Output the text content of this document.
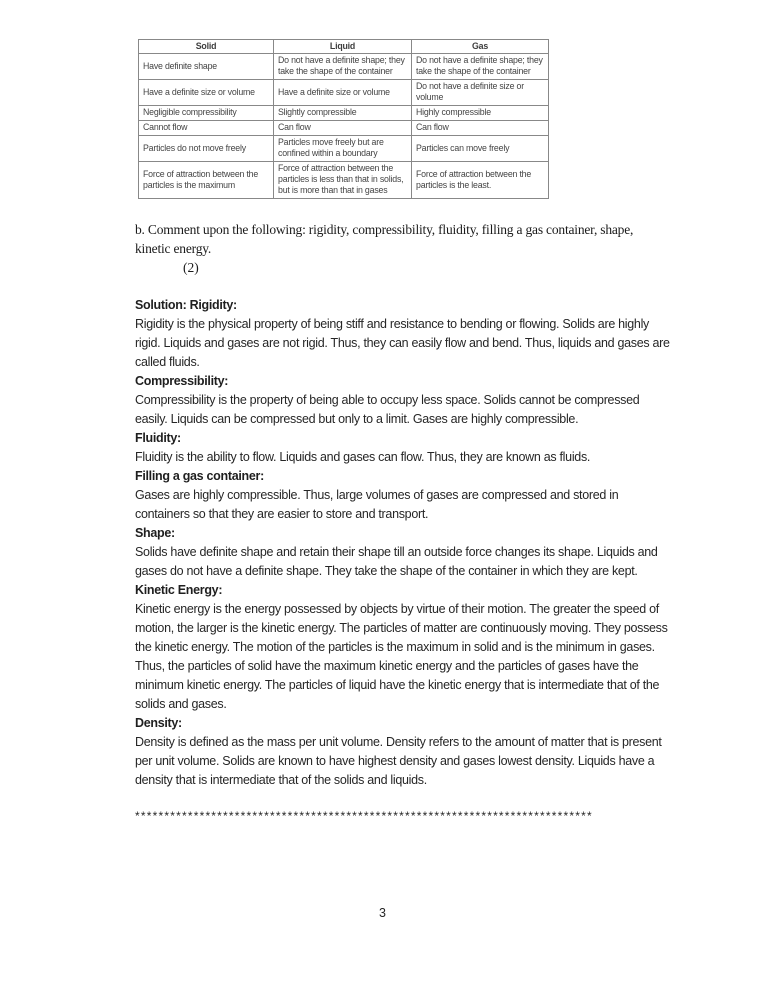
Solid	Liquid	Gas
Have definite shape	Do not have a definite shape; they take the shape of the container	Do not have a definite shape; they take the shape of the container
Have a definite size or volume	Have a definite size or volume	Do not have a definite size or volume
Negligible compressibility	Slightly compressible	Highly compressible
Cannot flow	Can flow	Can flow
Particles do not move freely	Particles move freely but are confined within a boundary	Particles can move freely
Force of attraction between the particles is the maximum	Force of attraction between the particles is less than that in solids, but is more than that in gases	Force of attraction between the particles is the least.
b. Comment upon the following: rigidity, compressibility, fluidity, filling a gas container, shape, kinetic energy.
(2)
Solution: Rigidity:
Rigidity is the physical property of being stiff and resistance to bending or flowing. Solids are highly rigid. Liquids and gases are not rigid. Thus, they can easily flow and bend. Thus, liquids and gases are called fluids.
Compressibility:
Compressibility is the property of being able to occupy less space. Solids cannot be compressed easily. Liquids can be compressed but only to a limit. Gases are highly compressible.
Fluidity:
Fluidity is the ability to flow. Liquids and gases can flow. Thus, they are known as fluids.
Filling a gas container:
Gases are highly compressible. Thus, large volumes of gases are compressed and stored in containers so that they are easier to store and transport.
Shape:
Solids have definite shape and retain their shape till an outside force changes its shape. Liquids and gases do not have a definite shape. They take the shape of the container in which they are kept.
Kinetic Energy:
Kinetic energy is the energy possessed by objects by virtue of their motion. The greater the speed of motion, the larger is the kinetic energy. The particles of matter are continuously moving. They possess the kinetic energy. The motion of the particles is the maximum in solid and is the minimum in gases. Thus, the particles of solid have the maximum kinetic energy and the particles of gases have the minimum kinetic energy. The particles of liquid have the kinetic energy that is intermediate that of the solids and gases.
Density:
Density is defined as the mass per unit volume. Density refers to the amount of matter that is present per unit volume. Solids are known to have highest density and gases lowest density. Liquids have a density that is intermediate that of the solids and liquids.
******************************************************************************
3
